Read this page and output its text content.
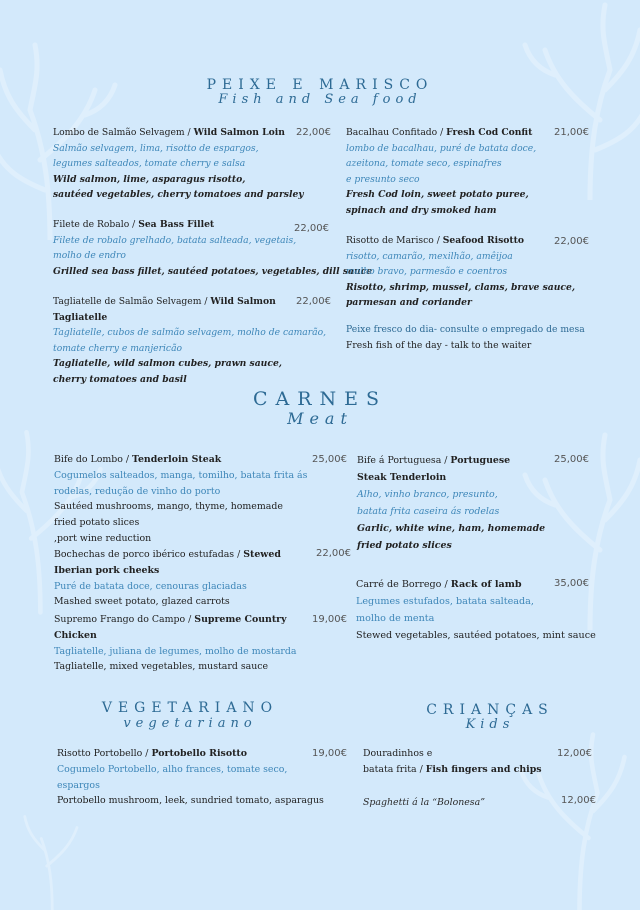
PEIXE E MARISCO
Fish and Sea food
CARNES
Meat
VEGETARIANO
vegetariano
CRIANÇAS
Kids
Lombo de Salmão Selvagem / Wild Salmon Loin
Salmão selvagem, lima, risotto de espargos,
legumes salteados, tomate cherry e salsa
Wild salmon, lime, asparagus risotto,
sautéed vegetables, cherry tomatoes and parsley
22,00€
Filete de Robalo / Sea Bass Fillet
Filete de robalo grelhado, batata salteada, vegetais,
molho de endro
Grilled sea bass fillet, sautéed potatoes, vegetables, dill sauce
22,00€
Tagliatelle de Salmão Selvagem / Wild Salmon
Tagliatelle
Tagliatelle, cubos de salmão selvagem, molho de camarão,
tomate cherry e manjericão
Tagliatelle, wild salmon cubes, prawn sauce,
cherry tomatoes and basil
22,00€
Bacalhau Confitado / Fresh Cod Confit
lombo de bacalhau, puré de batata doce,
azeitona, tomate seco, espinafres
e presunto seco
Fresh Cod loin, sweet potato puree,
spinach and dry smoked ham
21,00€
Risotto de Marisco / Seafood Risotto
risotto, camarão, mexilhão, amêijoa
molho bravo, parmesão e coentros
Risotto, shrimp, mussel, clams, brave sauce,
parmesan and coriander
22,00€
Peixe fresco do dia- consulte o empregado de mesa
Fresh fish of the day - talk to the waiter
Bife do Lombo / Tenderloin Steak
Cogumelos salteados, manga, tomilho, batata frita ás
rodelas, redução de vinho do porto
Sautéed mushrooms, mango, thyme, homemade
fried potato slices
,port wine reduction
25,00€
Bochechas de porco ibérico estufadas / Stewed
Iberian pork cheeks
Puré de batata doce, cenouras glaciadas
Mashed sweet potato, glazed carrots
22,00€
Supremo Frango do Campo / Supreme Country
Chicken
Tagliatelle, juliana de legumes, molho de mostarda
Tagliatelle, mixed vegetables, mustard sauce
19,00€
Bife á Portuguesa / Portuguese
Steak Tenderloin
Alho, vinho branco, presunto,
batata frita caseira ás rodelas
Garlic, white wine, ham, homemade
fried potato slices
25,00€
Carré de Borrego / Rack of lamb
Legumes estufados, batata salteada,
molho de menta
Stewed vegetables, sautéed potatoes, mint sauce
35,00€
Risotto Portobello / Portobello Risotto
Cogumelo Portobello, alho frances, tomate seco,
espargos
Portobello mushroom, leek, sundried tomato, asparagus
19,00€ Douradinhos e
batata frita / Fish fingers and chips
12,00€
Spaghetti á la “Bolonesa”	12,00€
